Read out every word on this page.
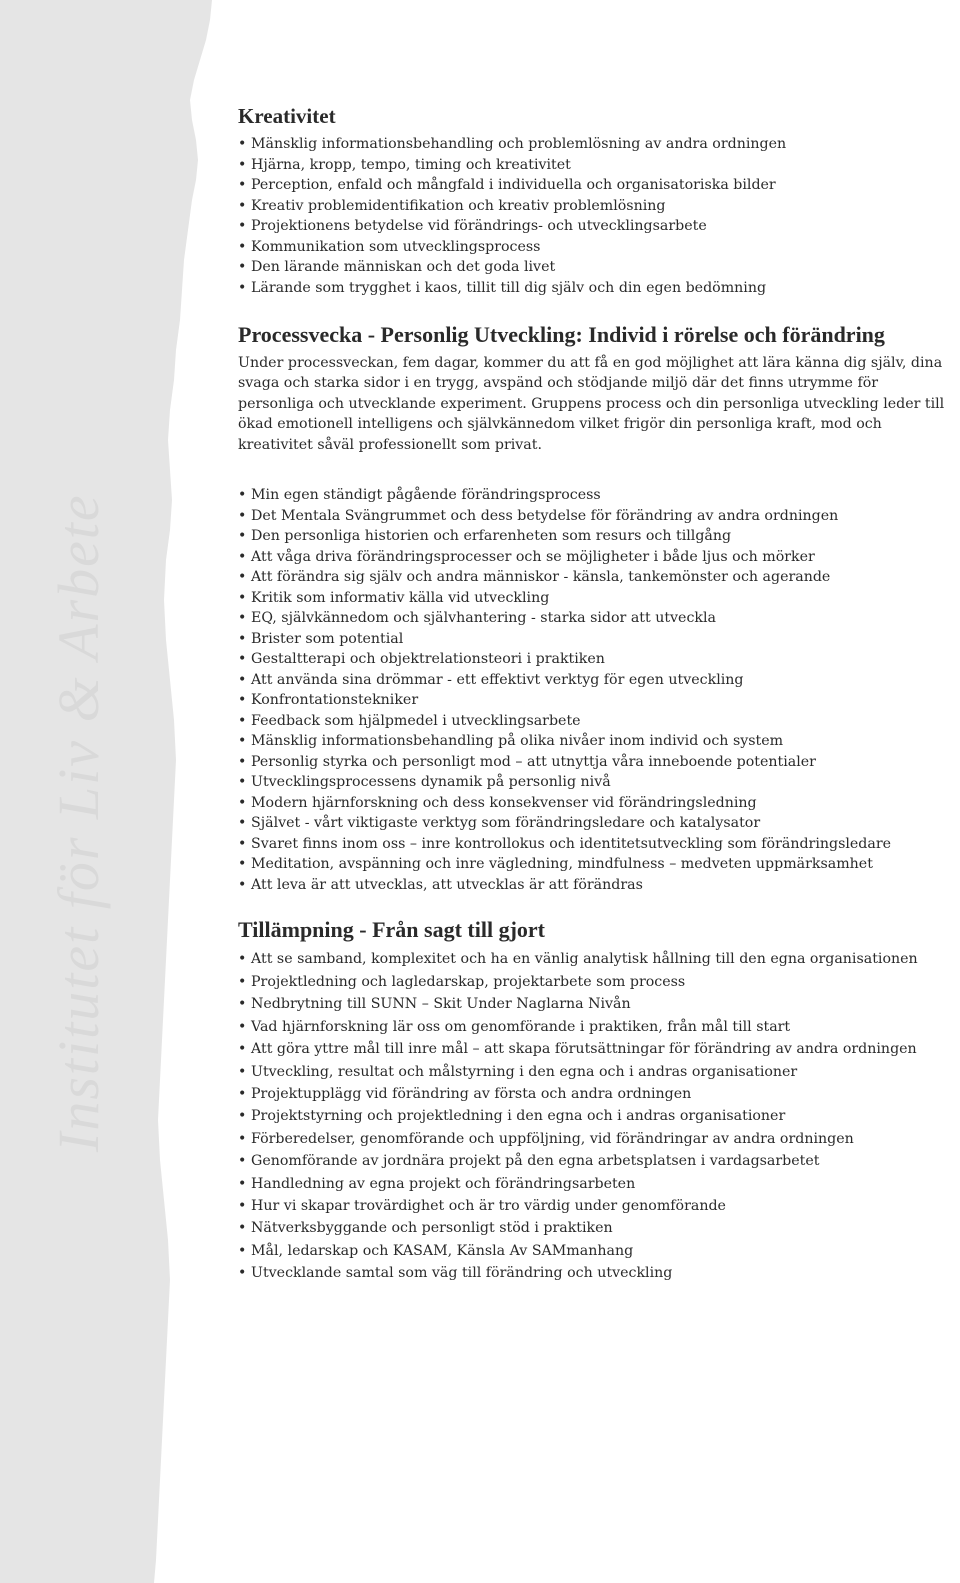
Institutet för Liv & Arbete

Kreativitet
• Mänsklig informationsbehandling och problemlösning av andra ordningen
• Hjärna, kropp, tempo, timing och kreativitet
• Perception, enfald och mångfald i individuella och organisatoriska bilder
• Kreativ problemidentifikation och kreativ problemlösning
• Projektionens betydelse vid förändrings- och utvecklingsarbete
• Kommunikation som utvecklingsprocess
• Den lärande människan och det goda livet
• Lärande som trygghet i kaos, tillit till dig själv och din egen bedömning
Processvecka - Personlig Utveckling: Individ i rörelse och förändring

Under processveckan, fem dagar, kommer du att få en god möjlighet att lära känna dig själv, dina svaga och starka sidor i en trygg, avspänd och stödjande miljö där det finns utrymme för personliga och utvecklande experiment. Gruppens process och din personliga utveckling leder till ökad emotionell intelligens och självkännedom vilket frigör din personliga kraft, mod och kreativitet såväl professionellt som privat.

• Min egen ständigt pågående förändringsprocess
• Det Mentala Svängrummet och dess betydelse för förändring av andra ordningen
• Den personliga historien och erfarenheten som resurs och tillgång
• Att våga driva förändringsprocesser och se möjligheter i både ljus och mörker
• Att förändra sig själv och andra människor - känsla, tankemönster och agerande
• Kritik som informativ källa vid utveckling
• EQ, självkännedom och självhantering - starka sidor att utveckla
• Brister som potential
• Gestaltterapi och objektrelationsteori i praktiken
• Att använda sina drömmar - ett effektivt verktyg för egen utveckling
• Konfrontationstekniker
• Feedback som hjälpmedel i utvecklingsarbete
• Mänsklig informationsbehandling på olika nivåer inom individ och system
• Personlig styrka och personligt mod – att utnyttja våra inneboende potentialer
• Utvecklingsprocessens dynamik på personlig nivå
• Modern hjärnforskning och dess konsekvenser vid förändringsledning
• Självet - vårt viktigaste verktyg som förändringsledare och katalysator
• Svaret finns inom oss – inre kontrollokus och identitetsutveckling som förändringsledare
• Meditation, avspänning och inre vägledning, mindfulness – medveten uppmärksamhet
• Att leva är att utvecklas, att utvecklas är att förändras
Tillämpning - Från sagt till gjort
• Att se samband, komplexitet och ha en vänlig analytisk hållning till den egna organisationen
• Projektledning och lagledarskap, projektarbete som process
• Nedbrytning till SUNN – Skit Under Naglarna Nivån
• Vad hjärnforskning lär oss om genomförande i praktiken, från mål till start
• Att göra yttre mål till inre mål – att skapa förutsättningar för förändring av andra ordningen
• Utveckling, resultat och målstyrning i den egna och i andras organisationer
• Projektupplägg vid förändring av första och andra ordningen
• Projektstyrning och projektledning i den egna och i andras organisationer
• Förberedelser, genomförande och uppföljning, vid förändringar av andra ordningen
• Genomförande av jordnära projekt på den egna arbetsplatsen i vardagsarbetet
• Handledning av egna projekt och förändringsarbeten
• Hur vi skapar trovärdighet och är tro värdig under genomförande
• Nätverksbyggande och personligt stöd i praktiken
• Mål, ledarskap och KASAM, Känsla Av SAMmanhang
• Utvecklande samtal som väg till förändring och utveckling
